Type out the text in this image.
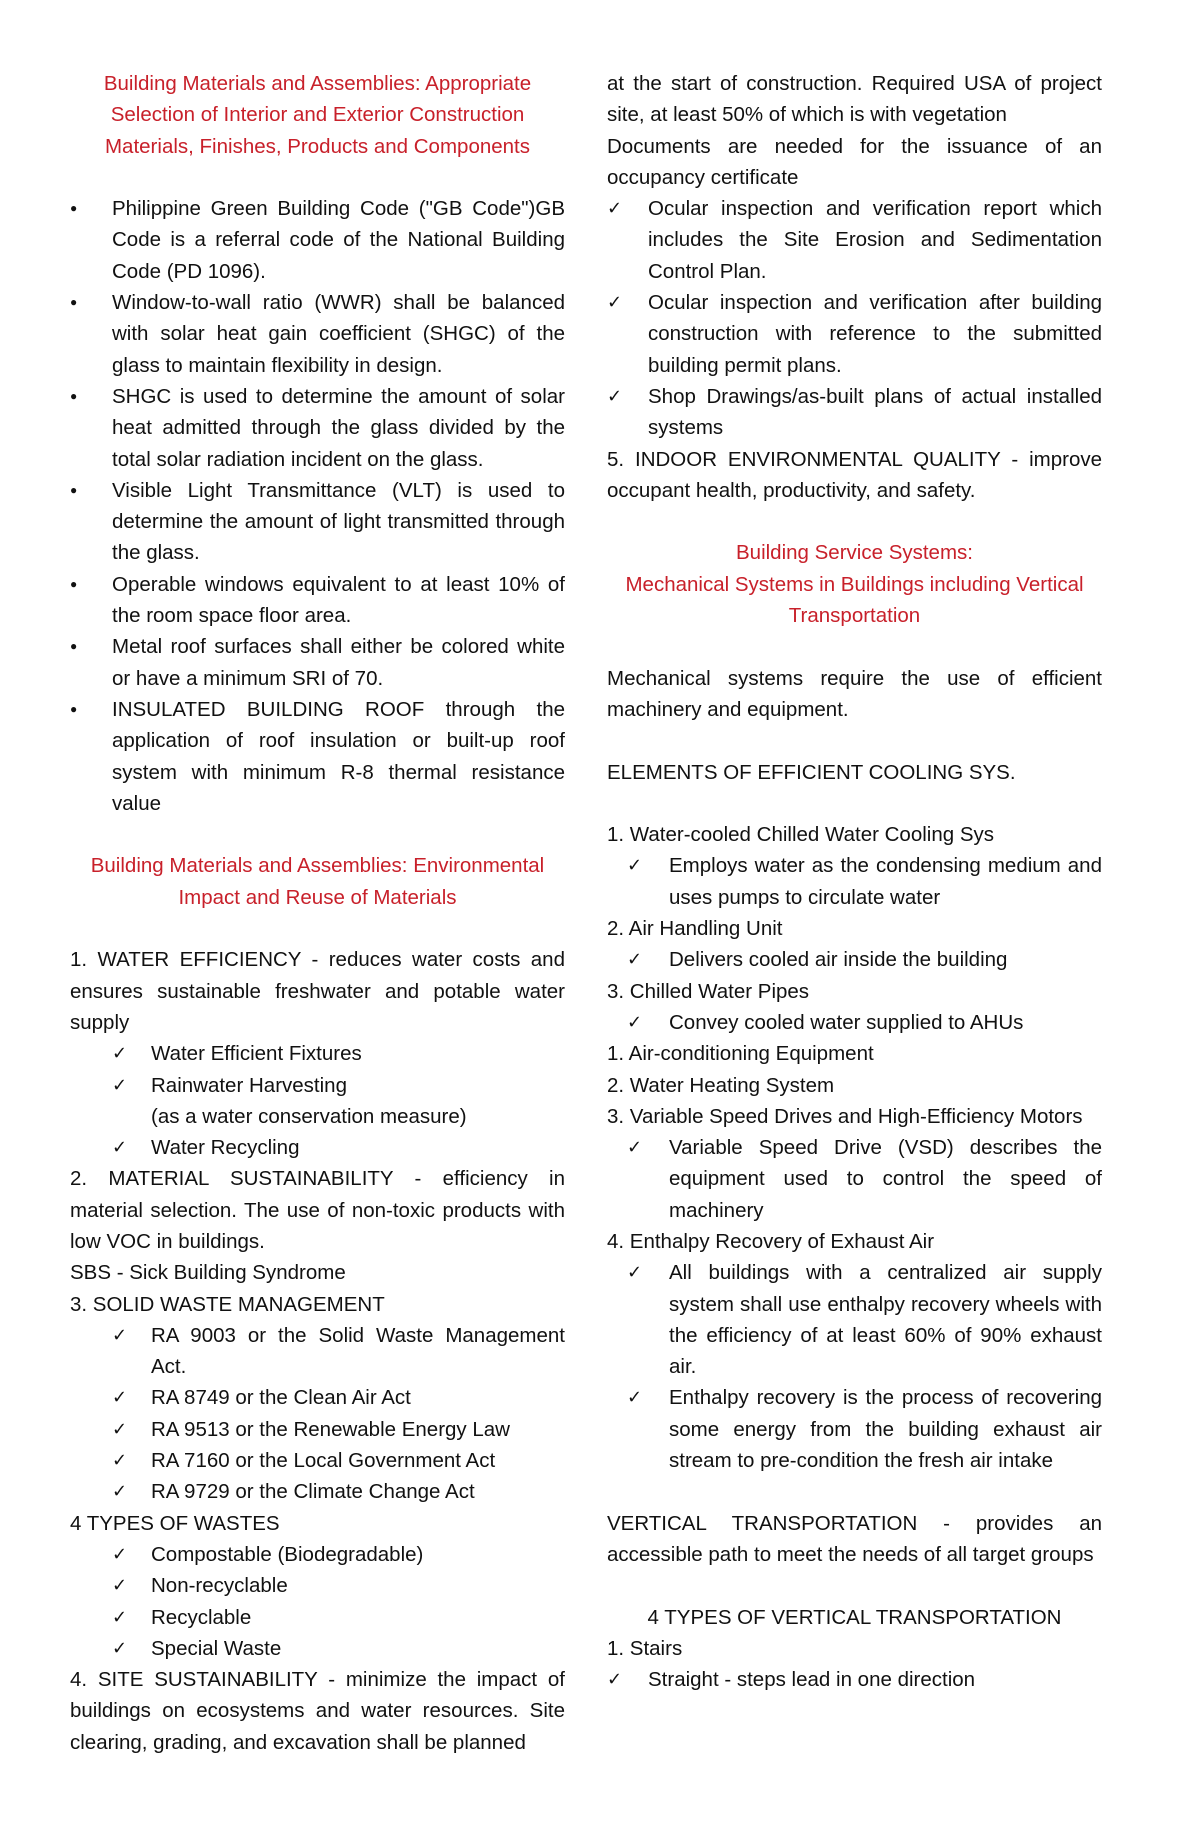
Building Materials and Assemblies: Appropriate
Selection of Interior and Exterior Construction
Materials, Finishes, Products and Components
● Philippine Green Building Code ("GB Code")GB Code is a referral code of the National Building Code (PD 1096).
● Window-to-wall ratio (WWR) shall be balanced with solar heat gain coefficient (SHGC) of the glass to maintain flexibility in design.
● SHGC is used to determine the amount of solar heat admitted through the glass divided by the total solar radiation incident on the glass.
● Visible Light Transmittance (VLT) is used to determine the amount of light transmitted through the glass.
● Operable windows equivalent to at least 10% of the room space floor area.
● Metal roof surfaces shall either be colored white or have a minimum SRI of 70.
● INSULATED BUILDING ROOF through the application of roof insulation or built-up roof system with minimum R-8 thermal resistance value
Building Materials and Assemblies: Environmental
Impact and Reuse of Materials
1. WATER EFFICIENCY - reduces water costs and ensures sustainable freshwater and potable water supply
✓ Water Efficient Fixtures
✓ Rainwater Harvesting
(as a water conservation measure)
✓ Water Recycling
2. MATERIAL SUSTAINABILITY - efficiency in material selection. The use of non-toxic products with low VOC in buildings.
SBS - Sick Building Syndrome
3. SOLID WASTE MANAGEMENT
✓ RA 9003 or the Solid Waste Management Act.
✓ RA 8749 or the Clean Air Act
✓ RA 9513 or the Renewable Energy Law
✓ RA 7160 or the Local Government Act
✓ RA 9729 or the Climate Change Act
4 TYPES OF WASTES
✓ Compostable (Biodegradable)
✓ Non-recyclable
✓ Recyclable
✓ Special Waste
4. SITE SUSTAINABILITY - minimize the impact of buildings on ecosystems and water resources. Site clearing, grading, and excavation shall be planned
at the start of construction. Required USA of project site, at least 50% of which is with vegetation
Documents are needed for the issuance of an occupancy certificate
✓ Ocular inspection and verification report which includes the Site Erosion and Sedimentation Control Plan.
✓ Ocular inspection and verification after building construction with reference to the submitted building permit plans.
✓ Shop Drawings/as-built plans of actual installed systems
5. INDOOR ENVIRONMENTAL QUALITY - improve occupant health, productivity, and safety.
Building Service Systems:
Mechanical Systems in Buildings including Vertical
Transportation
Mechanical systems require the use of efficient machinery and equipment.
ELEMENTS OF EFFICIENT COOLING SYS.
1. Water-cooled Chilled Water Cooling Sys
✓ Employs water as the condensing medium and uses pumps to circulate water
2. Air Handling Unit
✓ Delivers cooled air inside the building
3. Chilled Water Pipes
✓ Convey cooled water supplied to AHUs
1. Air-conditioning Equipment
2. Water Heating System
3. Variable Speed Drives and High-Efficiency Motors
✓ Variable Speed Drive (VSD) describes the equipment used to control the speed of machinery
4. Enthalpy Recovery of Exhaust Air
✓ All buildings with a centralized air supply system shall use enthalpy recovery wheels with the efficiency of at least 60% of 90% exhaust air.
✓ Enthalpy recovery is the process of recovering some energy from the building exhaust air stream to pre-condition the fresh air intake
VERTICAL TRANSPORTATION - provides an accessible path to meet the needs of all target groups
4 TYPES OF VERTICAL TRANSPORTATION
1. Stairs
✓ Straight - steps lead in one direction
